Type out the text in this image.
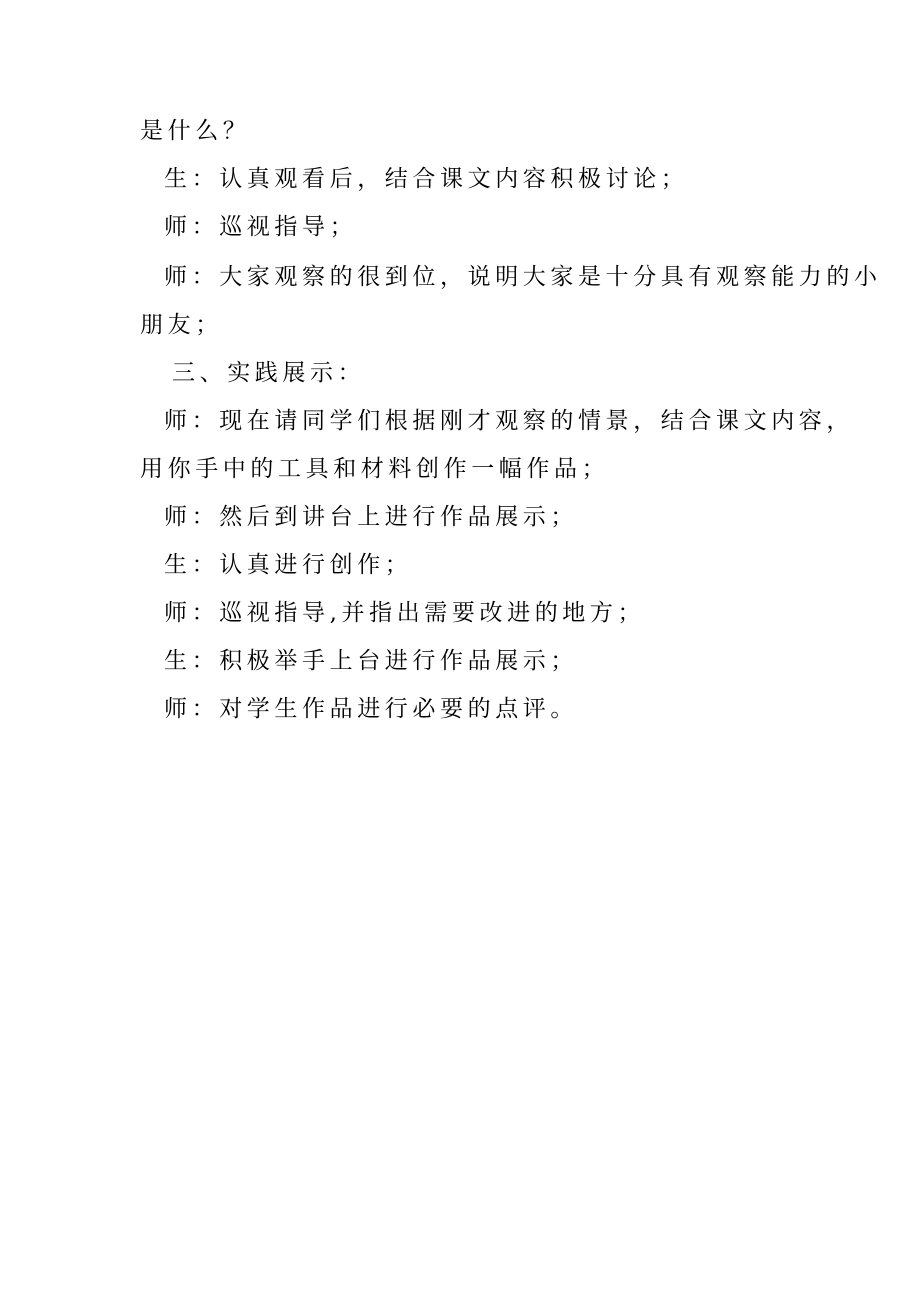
是什么？
生：认真观看后，结合课文内容积极讨论；
师：巡视指导；
师：大家观察的很到位，说明大家是十分具有观察能力的小
朋友；
三、实践展示：
师：现在请同学们根据刚才观察的情景，结合课文内容，
用你手中的工具和材料创作一幅作品；
师：然后到讲台上进行作品展示；
生：认真进行创作；
师：巡视指导,并指出需要改进的地方；
生：积极举手上台进行作品展示；
师：对学生作品进行必要的点评。
